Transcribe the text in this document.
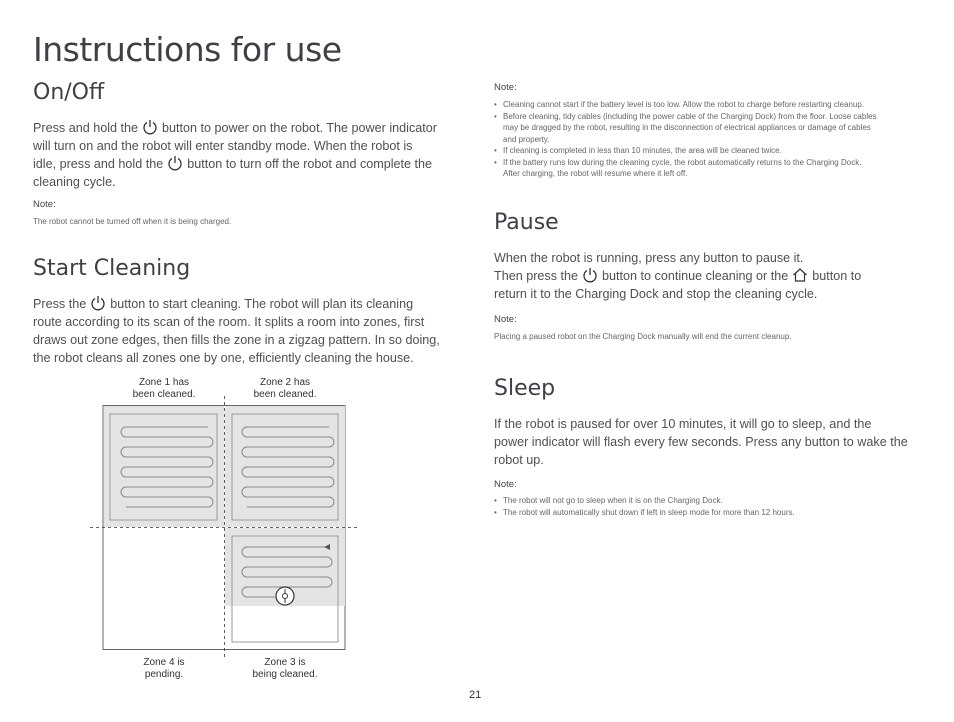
Instructions for use
On/Off
Press and hold the button to power on the robot. The power indicator
will turn on and the robot will enter standby mode. When the robot is
idle, press and hold the button to turn off the robot and complete the
cleaning cycle.
Note:
The robot cannot be turned off when it is being charged.
Start Cleaning
Press the button to start cleaning. The robot will plan its cleaning
route according to its scan of the room. It splits a room into zones, first
draws out zone edges, then fills the zone in a zigzag pattern. In so doing,
the robot cleans all zones one by one, efficiently cleaning the house.
Zone 1 has
been cleaned.
Zone 2 has
been cleaned.
Zone 4 is
pending.
Zone 3 is
being cleaned.
Note:
• Cleaning cannot start if the battery level is too low. Allow the robot to charge before restarting cleanup.
• Before cleaning, tidy cables (including the power cable of the Charging Dock) from the floor. Loose cables
may be dragged by the robot, resulting in the disconnection of electrical appliances or damage of cables
and property.
• If cleaning is completed in less than 10 minutes, the area will be cleaned twice.
• If the battery runs low during the cleaning cycle, the robot automatically returns to the Charging Dock.
After charging, the robot will resume where it left off.
Pause
When the robot is running, press any button to pause it.
Then press the button to continue cleaning or the button to
return it to the Charging Dock and stop the cleaning cycle.
Note:
Placing a paused robot on the Charging Dock manually will end the current cleanup.
Sleep
If the robot is paused for over 10 minutes, it will go to sleep, and the
power indicator will flash every few seconds. Press any button to wake the
robot up.
Note:
• The robot will not go to sleep when it is on the Charging Dock.
• The robot will automatically shut down if left in sleep mode for more than 12 hours.
21
